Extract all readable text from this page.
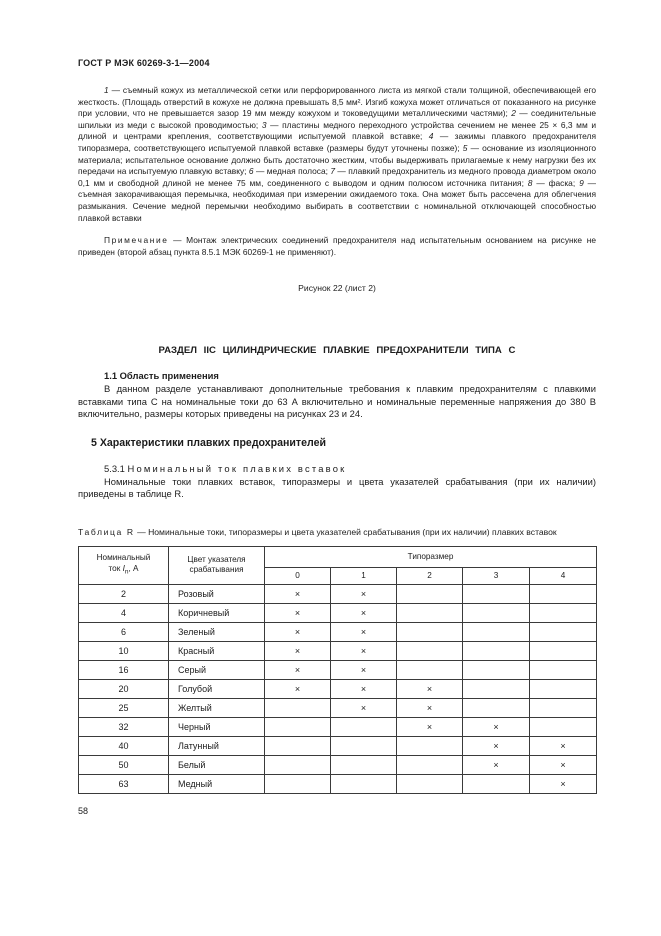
ГОСТ Р МЭК 60269-3-1—2004

1 — съемный кожух из металлической сетки или перфорированного листа из мягкой стали толщиной, обеспечивающей его жесткость. (Площадь отверстий в кожухе не должна превышать 8,5 мм². Изгиб кожуха может отличаться от показанного на рисунке при условии, что не превышается зазор 19 мм между кожухом и токоведущими металлическими частями); 2 — соединительные шпильки из меди с высокой проводимостью; 3 — пластины медного переходного устройства сечением не менее 25 × 6,3 мм и длиной и центрами крепления, соответствующими испытуемой плавкой вставке; 4 — зажимы плавкого предохранителя типоразмера, соответствующего испытуемой плавкой вставке (размеры будут уточнены позже); 5 — основание из изоляционного материала; испытательное основание должно быть достаточно жестким, чтобы выдерживать прилагаемые к нему нагрузки без их передачи на испытуемую плавкую вставку; 6 — медная полоса; 7 — плавкий предохранитель из медного провода диаметром около 0,1 мм и свободной длиной не менее 75 мм, соединенного с выводом и одним полюсом источника питания; 8 — фаска; 9 — съемная закорачивающая перемычка, необходимая при измерении ожидаемого тока. Она может быть рассечена для облегчения размыкания. Сечение медной перемычки необходимо выбирать в соответствии с номинальной отключающей способностью плавкой вставки

Примечание — Монтаж электрических соединений предохранителя над испытательным основанием на рисунке не приведен (второй абзац пункта 8.5.1 МЭК 60269-1 не применяют).

Рисунок 22 (лист 2)
РАЗДЕЛ IIC ЦИЛИНДРИЧЕСКИЕ ПЛАВКИЕ ПРЕДОХРАНИТЕЛИ ТИПА С
1.1 Область применения

В данном разделе устанавливают дополнительные требования к плавким предохранителям с плавкими вставками типа С на номинальные токи до 63 А включительно и номинальные переменные напряжения до 380 В включительно, размеры которых приведены на рисунках 23 и 24.

5 Характеристики плавких предохранителей

5.3.1 Номинальный ток плавких вставок

Номинальные токи плавких вставок, типоразмеры и цвета указателей срабатывания (при их наличии) приведены в таблице R.

Таблица R — Номинальные токи, типоразмеры и цвета указателей срабатывания (при их наличии) плавких вставок
Номинальный
ток $I_n$, А	Цвет указателя срабатывания	Типоразмер				
		0	1	2	3	4
2	Розовый	×	×			
4	Коричневый	×	×			
6	Зеленый	×	×			
10	Красный	×	×			
16	Серый	×	×			
20	Голубой	×	×	×		
25	Желтый		×	×		
32	Черный			×	×	
40	Латунный				×	×
50	Белый				×	×
63	Медный					×
58
